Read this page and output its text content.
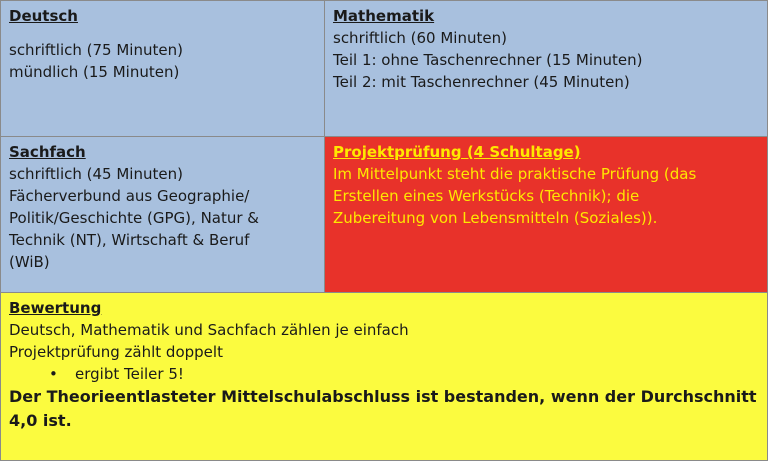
Deutsch
schriftlich (75 Minuten)
mündlich (15 Minuten)
Mathematik
schriftlich (60 Minuten)
Teil 1: ohne Taschenrechner (15 Minuten)
Teil 2: mit Taschenrechner (45 Minuten)
Sachfach
schriftlich (45 Minuten)
Fächerverbund aus Geographie/
Politik/Geschichte (GPG), Natur &
Technik (NT), Wirtschaft & Beruf
(WiB)
Projektprüfung (4 Schultage)
Im Mittelpunkt steht die praktische Prüfung (das
Erstellen eines Werkstücks (Technik); die
Zubereitung von Lebensmitteln (Soziales)).
Bewertung
Deutsch, Mathematik und Sachfach zählen je einfach
Projektprüfung zählt doppelt
• ergibt Teiler 5!
Der Theorieentlasteter Mittelschulabschluss ist bestanden, wenn der Durchschnitt
4,0 ist.
